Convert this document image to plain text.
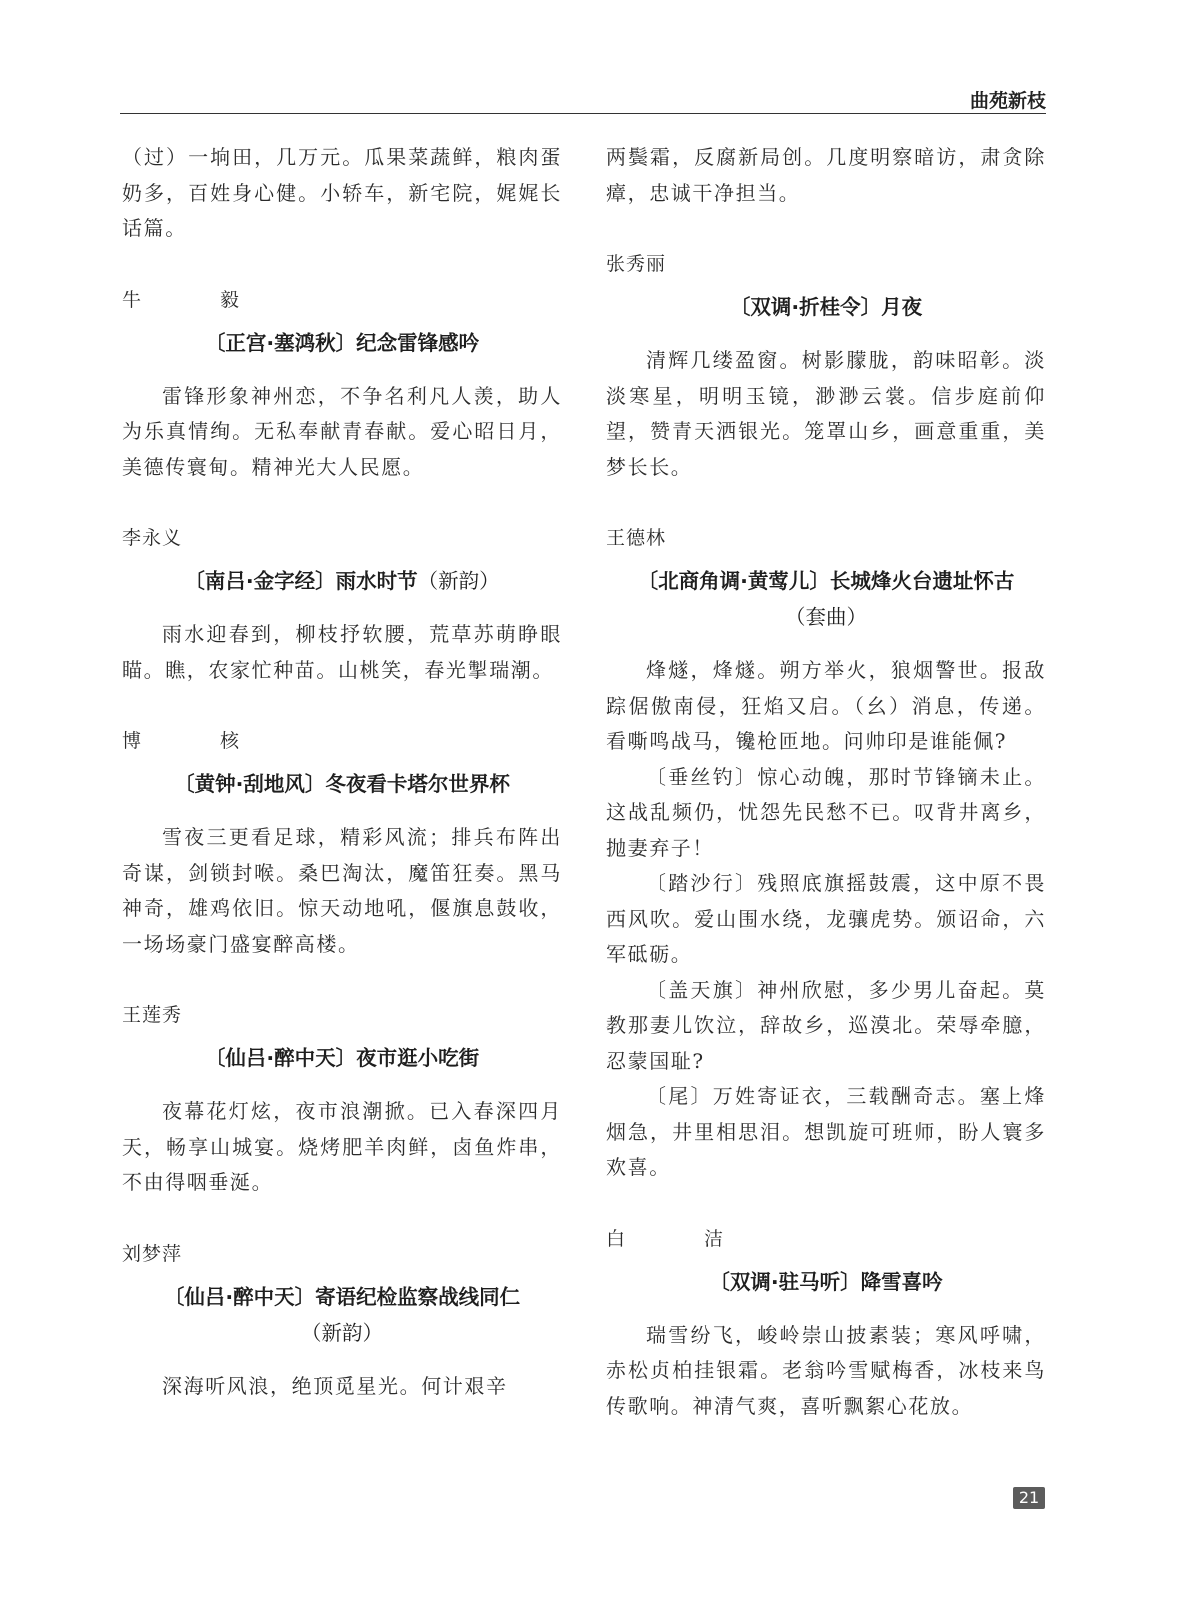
曲苑新枝

（过）一垧田，几万元。瓜果菜蔬鲜，粮肉蛋奶多，百姓身心健。小轿车，新宅院，娓娓长话篇。

牛　毅

〔正宫·塞鸿秋〕纪念雷锋感吟

雷锋形象神州恋，不争名利凡人羡，助人为乐真情绚。无私奉献青春献。爱心昭日月，美德传寰甸。精神光大人民愿。

李永义

〔南吕·金字经〕雨水时节（新韵）

雨水迎春到，柳枝抒软腰，荒草苏萌睁眼瞄。瞧，农家忙种苗。山桃笑，春光掣瑞潮。

博　核

〔黄钟·刮地风〕冬夜看卡塔尔世界杯

雪夜三更看足球，精彩风流；排兵布阵出奇谋，剑锁封喉。桑巴淘汰，魔笛狂奏。黑马神奇，雄鸡依旧。惊天动地吼，偃旗息鼓收，一场场豪门盛宴醉高楼。

王莲秀

〔仙吕·醉中天〕夜市逛小吃街

夜幕花灯炫，夜市浪潮掀。已入春深四月天，畅享山城宴。烧烤肥羊肉鲜，卤鱼炸串，不由得咽垂涎。

刘梦萍

〔仙吕·醉中天〕寄语纪检监察战线同仁
（新韵）

深海听风浪，绝顶觅星光。何计艰辛

两鬓霜，反腐新局创。几度明察暗访，肃贪除瘴，忠诚干净担当。

张秀丽

〔双调·折桂令〕月夜

清辉几缕盈窗。树影朦胧，韵味昭彰。淡淡寒星，明明玉镜，渺渺云裳。信步庭前仰望，赞青天洒银光。笼罩山乡，画意重重，美梦长长。

王德林

〔北商角调·黄莺儿〕长城烽火台遗址怀古
（套曲）

烽燧，烽燧。朔方举火，狼烟警世。报敌踪倨傲南侵，狂焰又启。（幺）消息，传递。看嘶鸣战马，镵枪匝地。问帅印是谁能佩?

〔垂丝钓〕惊心动魄，那时节锋镝未止。这战乱频仍，忧怨先民愁不已。叹背井离乡，抛妻弃子！

〔踏沙行〕残照底旗摇鼓震，这中原不畏西风吹。爱山围水绕，龙骧虎势。颁诏命，六军砥砺。

〔盖天旗〕神州欣慰，多少男儿奋起。莫教那妻儿饮泣，辞故乡，巡漠北。荣辱牵臆，忍蒙国耻?

〔尾〕万姓寄证衣，三载酬奇志。塞上烽烟急，井里相思泪。想凯旋可班师，盼人寰多欢喜。

白　洁

〔双调·驻马听〕降雪喜吟

瑞雪纷飞，峻岭崇山披素装；寒风呼啸，赤松贞柏挂银霜。老翁吟雪赋梅香，冰枝来鸟传歌响。神清气爽，喜听飘絮心花放。

21
